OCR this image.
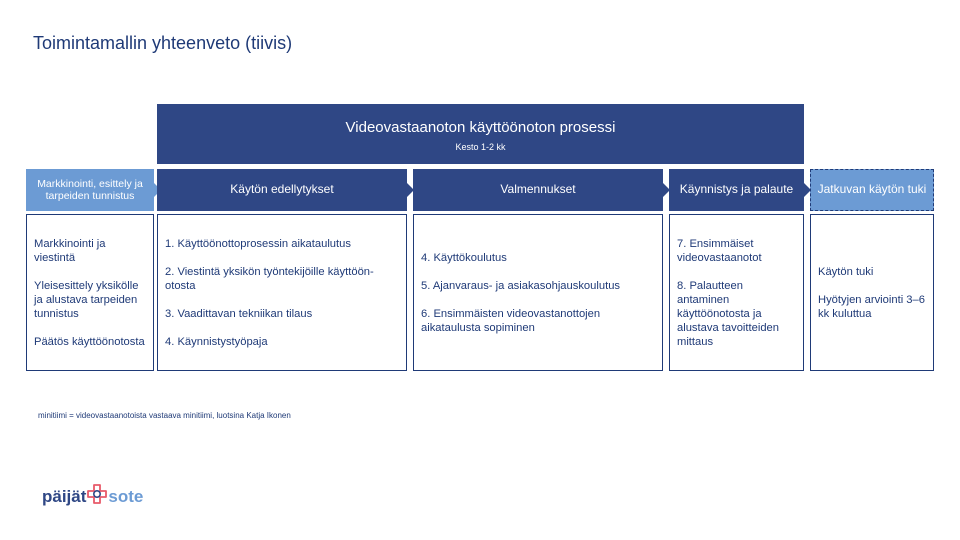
Toimintamallin yhteenveto (tiivis)
Videovastaanoton käyttöönoton prosessi
Kesto 1-2 kk
Markkinointi, esittely ja tarpeiden tunnistus	Käytön edellytykset	Valmennukset	Käynnistys ja palaute Jatkuvan käytön tuki
Markkinointi ja viestintä
Yleisesittely yksikölle ja alustava tarpeiden tunnistus
Päätös käyttöönotosta
1. Käyttöönottoprosessin aikataulutus
2. Viestintä yksikön työntekijöille käyttöön-otosta
3. Vaadittavan tekniikan tilaus
4. Käynnistystyöpaja
4. Käyttökoulutus
5. Ajanvaraus- ja asiakasohjauskoulutus
6. Ensimmäisten videovastanottojen aikataulusta sopiminen
7. Ensimmäiset videovastaanotot
8. Palautteen antaminen käyttöönotosta ja alustava tavoitteiden mittaus
Käytön tuki
Hyötyjen arviointi 3–6 kk kuluttua
minitiimi = videovastaanotoista vastaava minitiimi, luotsina Katja Ikonen
päijät sote
